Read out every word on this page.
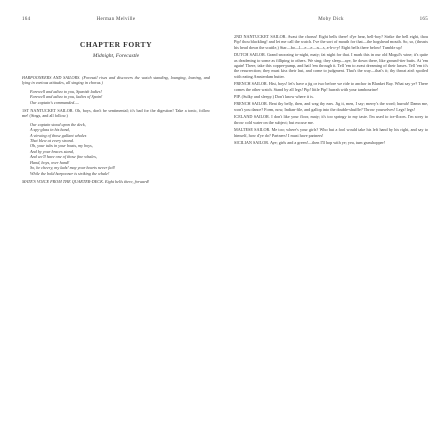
164	Herman Melville
CHAPTER FORTY
Midnight, Forecastle

HARPOONEERS AND SAILORS. (Foresail rises and discovers the watch standing, lounging, leaning, and lying in various attitudes, all singing in chorus.)

Farewell and adieu to you, Spanish ladies!
Farewell and adieu to you, ladies of Spain!
Our captain's commanded.—

1ST NANTUCKET SAILOR. Oh, boys, don't be sentimental; it's bad for the digestion! Take a tonic, follow me! (Sings, and all follow.)

Our captain stood upon the deck,
A spy-glass in his hand,
A viewing of those gallant whales
That blew at every strand.
Oh, your tubs in your boats, my boys,
And by your braces stand,
And we'll have one of those fine whales,
Hand, boys, over hand!
So, be cheery, my lads! may your hearts never fail!
While the bold harpooner is striking the whale!

MATE'S VOICE FROM THE QUARTER-DECK. Eight bells there, forward!

Moby Dick	165

2ND NANTUCKET SAILOR. Avast the chorus! Eight bells there! d'ye hear, bell-boy? Strike the bell eight, thou Pip! thou blackling! and let me call the watch. I've the sort of mouth for that—the hogshead mouth. So, so, (thrusts his head down the scuttle,) Star—bo—l—e—e—n—s, a-h-o-y! Eight bells there below! Tumble up!

DUTCH SAILOR. Grand snoozing to-night, maty; fat night for that. I mark this in our old Mogul's wine; it's quite as deadening to some as filliping to others. We sing; they sleep—aye, lie down there, like ground-tier butts. At 'em again! There, take this copper-pump, and hail 'em through it. Tell 'em to avast dreaming of their lasses. Tell 'em it's the resurrection; they must kiss their last, and come to judgment. That's the way—that's it; thy throat ain't spoiled with eating Amsterdam butter.

FRENCH SAILOR. Hist, boys! let's have a jig or two before we ride to anchor in Blanket Bay. What say ye? There comes the other watch. Stand by all legs! Pip! little Pip! hurrah with your tambourine!

PIP. (Sulky and sleepy.) Don't know where it is.

FRENCH SAILOR. Beat thy belly, then, and wag thy ears. Jig it, men, I say; merry's the word; hurrah! Damn me, won't you dance? Form, now, Indian-file, and gallop into the double-shuffle? Throw yourselves! Legs! legs!

ICELAND SAILOR. I don't like your floor, maty; it's too springy to my taste. I'm used to ice-floors. I'm sorry to throw cold water on the subject; but excuse me.

MALTESE SAILOR. Me too; where's your girls? Who but a fool would take his left hand by his right, and say to himself, how d'ye do? Partners! I must have partners!

SICILIAN SAILOR. Aye; girls and a green!—then I'll hop with ye; yea, turn grasshopper!
